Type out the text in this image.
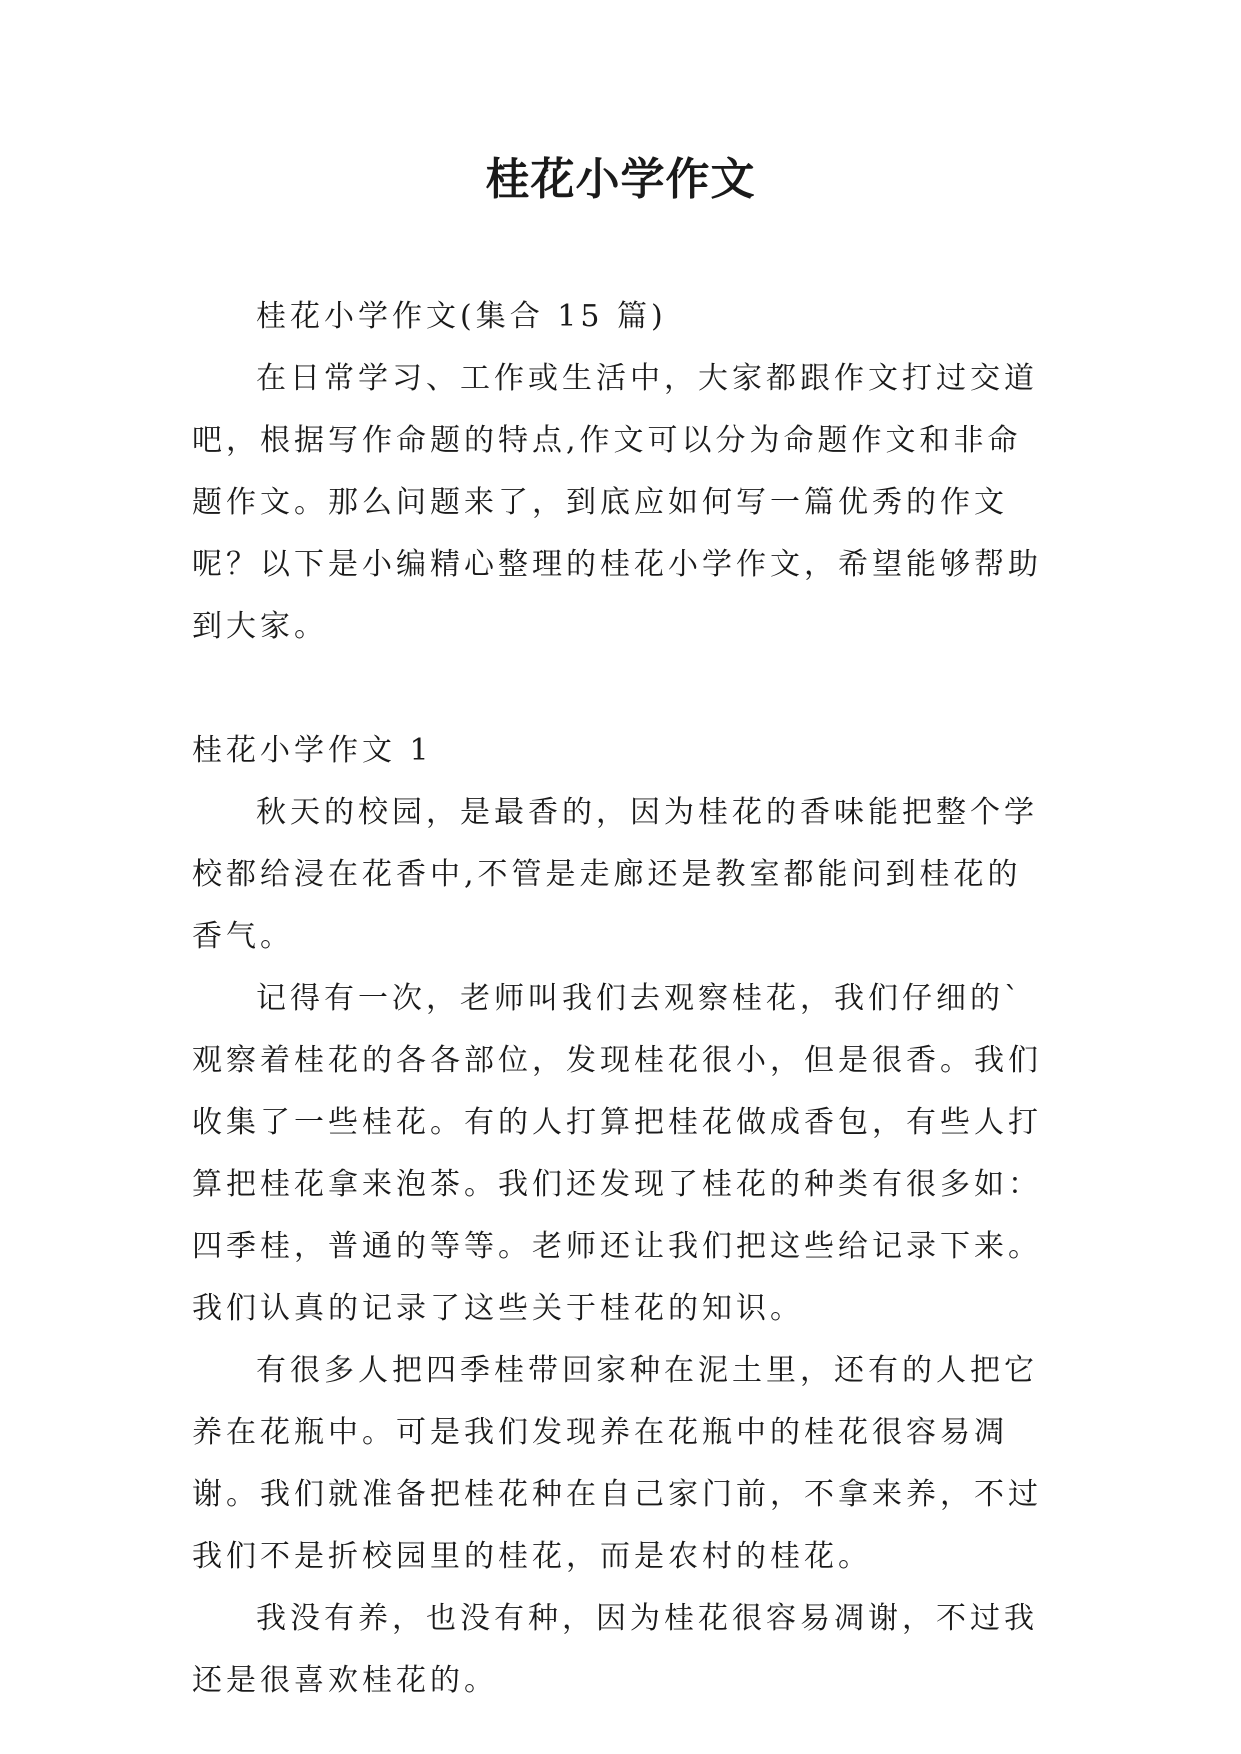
桂花小学作文

桂花小学作文(集合 15 篇)

在日常学习、工作或生活中，大家都跟作文打过交道吧，根据写作命题的特点,作文可以分为命题作文和非命题作文。那么问题来了，到底应如何写一篇优秀的作文呢？以下是小编精心整理的桂花小学作文，希望能够帮助到大家。

桂花小学作文 1

秋天的校园，是最香的，因为桂花的香味能把整个学校都给浸在花香中,不管是走廊还是教室都能问到桂花的香气。

记得有一次，老师叫我们去观察桂花，我们仔细的`观察着桂花的各各部位，发现桂花很小，但是很香。我们收集了一些桂花。有的人打算把桂花做成香包，有些人打算把桂花拿来泡茶。我们还发现了桂花的种类有很多如：四季桂，普通的等等。老师还让我们把这些给记录下来。我们认真的记录了这些关于桂花的知识。

有很多人把四季桂带回家种在泥土里，还有的人把它养在花瓶中。可是我们发现养在花瓶中的桂花很容易凋谢。我们就准备把桂花种在自己家门前，不拿来养，不过我们不是折校园里的桂花，而是农村的桂花。

我没有养，也没有种，因为桂花很容易凋谢，不过我还是很喜欢桂花的。
